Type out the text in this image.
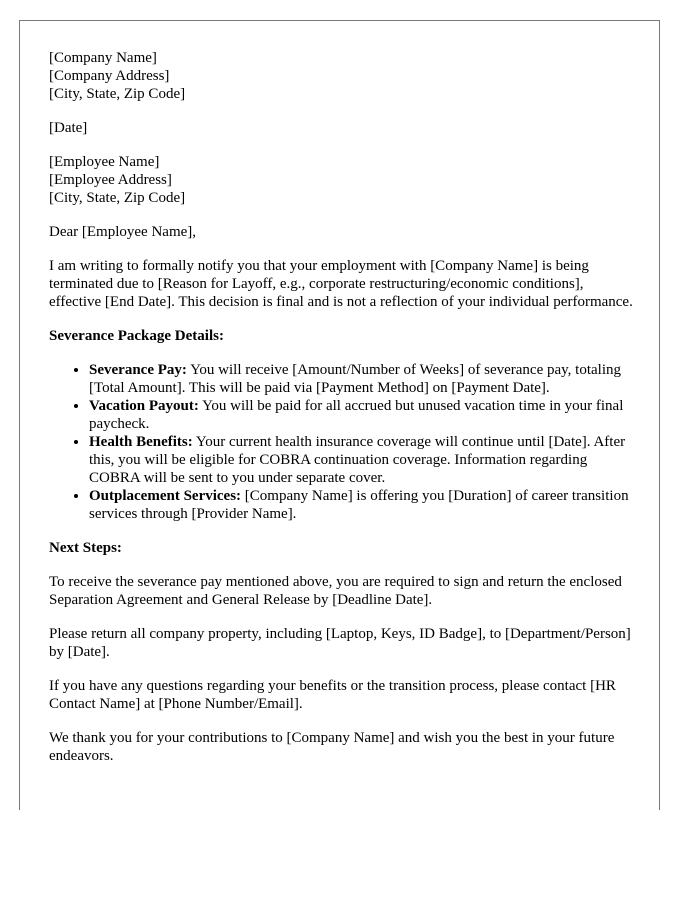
[Company Name]
[Company Address]
[City, State, Zip Code]

[Date]

[Employee Name]
[Employee Address]
[City, State, Zip Code]

Dear [Employee Name],

I am writing to formally notify you that your employment with [Company Name] is being terminated due to [Reason for Layoff, e.g., corporate restructuring/economic conditions], effective [End Date]. This decision is final and is not a reflection of your individual performance.

Severance Package Details:

• Severance Pay: You will receive [Amount/Number of Weeks] of severance pay, totaling [Total Amount]. This will be paid via [Payment Method] on [Payment Date].
• Vacation Payout: You will be paid for all accrued but unused vacation time in your final paycheck.
• Health Benefits: Your current health insurance coverage will continue until [Date]. After this, you will be eligible for COBRA continuation coverage. Information regarding COBRA will be sent to you under separate cover.
• Outplacement Services: [Company Name] is offering you [Duration] of career transition services through [Provider Name].

Next Steps:

To receive the severance pay mentioned above, you are required to sign and return the enclosed Separation Agreement and General Release by [Deadline Date].

Please return all company property, including [Laptop, Keys, ID Badge], to [Department/Person] by [Date].

If you have any questions regarding your benefits or the transition process, please contact [HR Contact Name] at [Phone Number/Email].

We thank you for your contributions to [Company Name] and wish you the best in your future endeavors.
